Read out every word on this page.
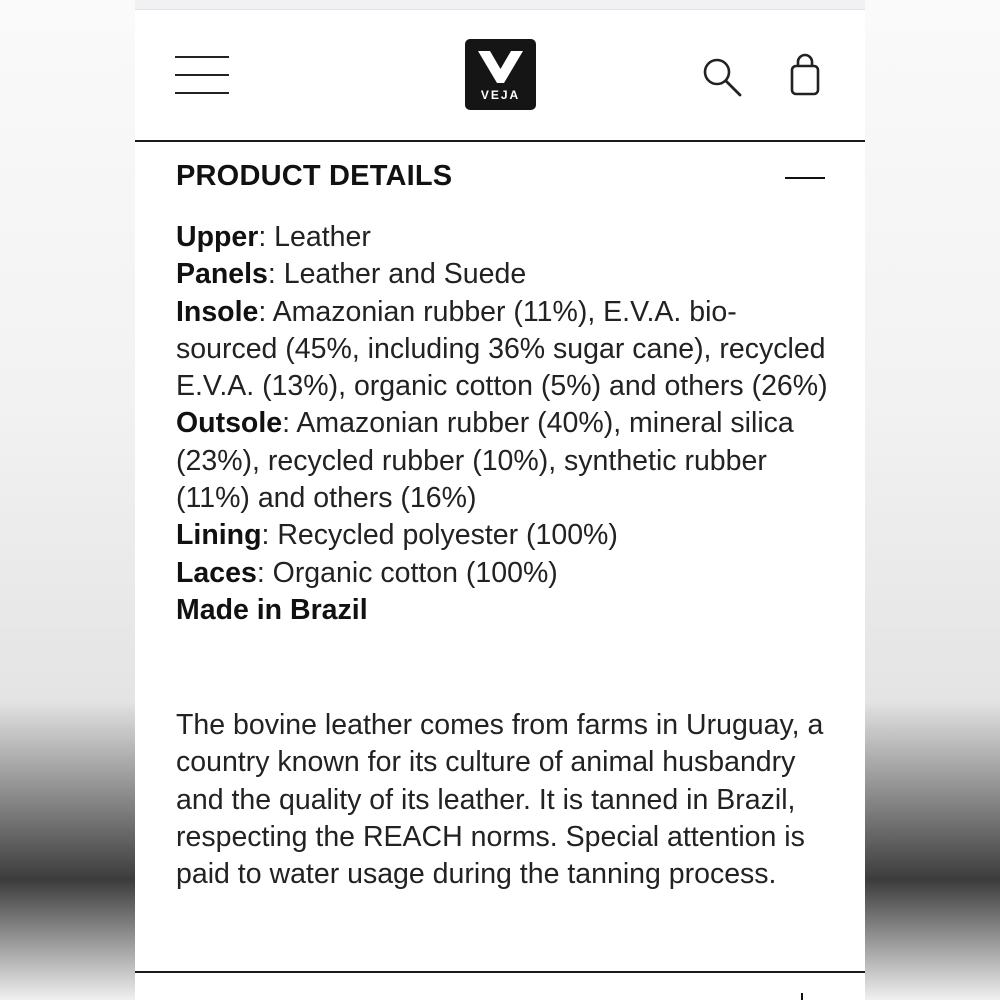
VEJA
PRODUCT DETAILS

Upper: Leather

Panels: Leather and Suede

Insole: Amazonian rubber (11%), E.V.A. bio-sourced (45%, including 36% sugar cane), recycled E.V.A. (13%), organic cotton (5%) and others (26%)

Outsole: Amazonian rubber (40%), mineral silica (23%), recycled rubber (10%), synthetic rubber (11%) and others (16%)

Lining: Recycled polyester (100%)

Laces: Organic cotton (100%)

Made in Brazil

The bovine leather comes from farms in Uruguay, a country known for its culture of animal husbandry and the quality of its leather. It is tanned in Brazil, respecting the REACH norms. Special attention is paid to water usage during the tanning process.
